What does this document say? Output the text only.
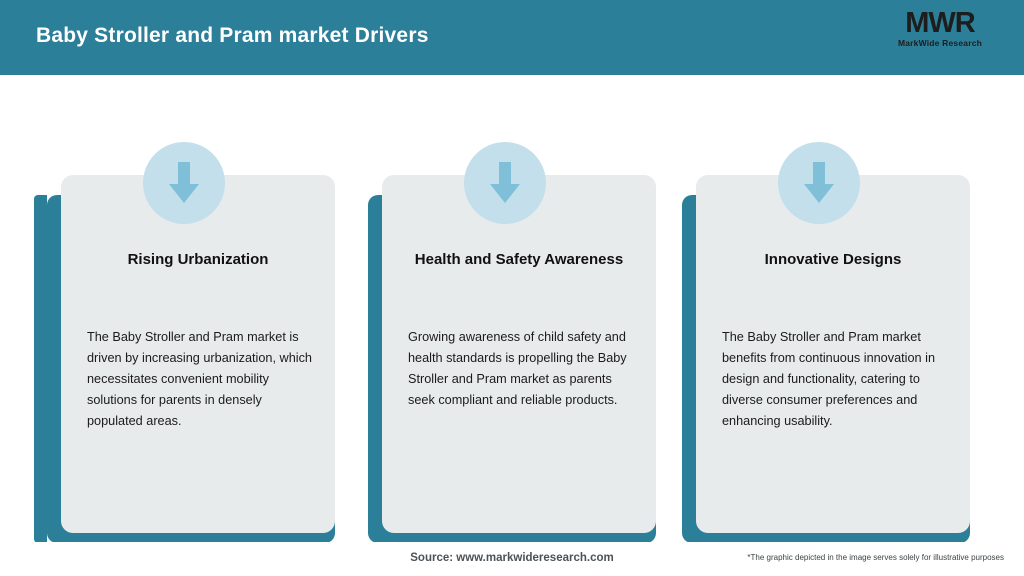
Baby Stroller and Pram market Drivers	MWR
MarkWide Research
Inspiring Growth
Rising Urbanization
The Baby Stroller and Pram market is driven by increasing urbanization, which necessitates convenient mobility solutions for parents in densely populated areas.
Health and Safety Awareness
Growing awareness of child safety and health standards is propelling the Baby Stroller and Pram market as parents seek compliant and reliable products.
Innovative Designs
The Baby Stroller and Pram market benefits from continuous innovation in design and functionality, catering to diverse consumer preferences and enhancing usability.
Source: www.markwideresearch.com	*The graphic depicted in the image serves solely for illustrative purposes
